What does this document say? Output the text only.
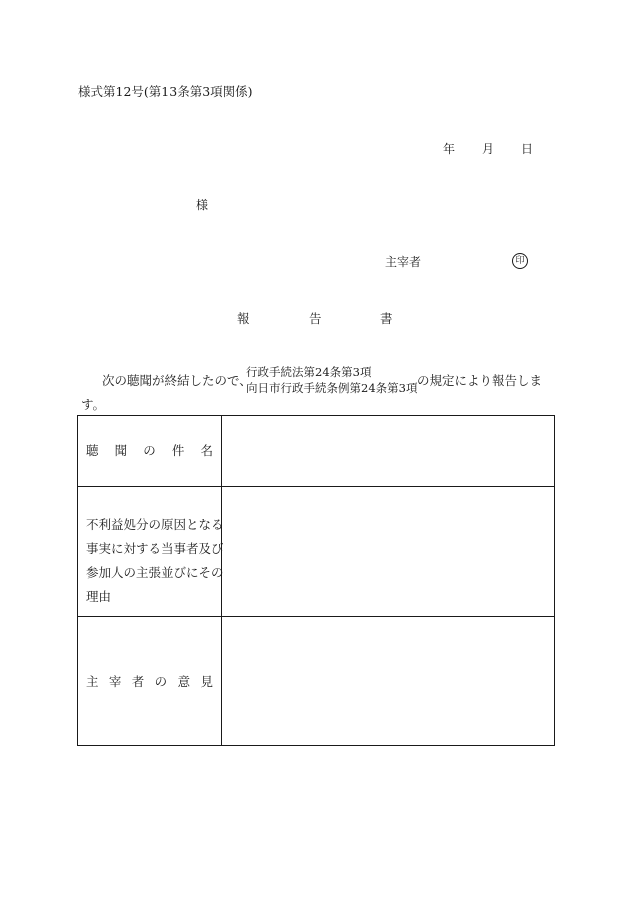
様式第12号(第13条第3項関係)
年 月 日
様
主宰者	印
報	告	書
次の聴聞が終結したので、
行政手続法第24条第3項
向日市行政手続条例第24条第3項 の規定により報告しま
す。
聴 聞 の 件 名
不利益処分の原因となる
事実に対する当事者及び
参加人の主張並びにその
理由
主 宰 者 の 意 見
